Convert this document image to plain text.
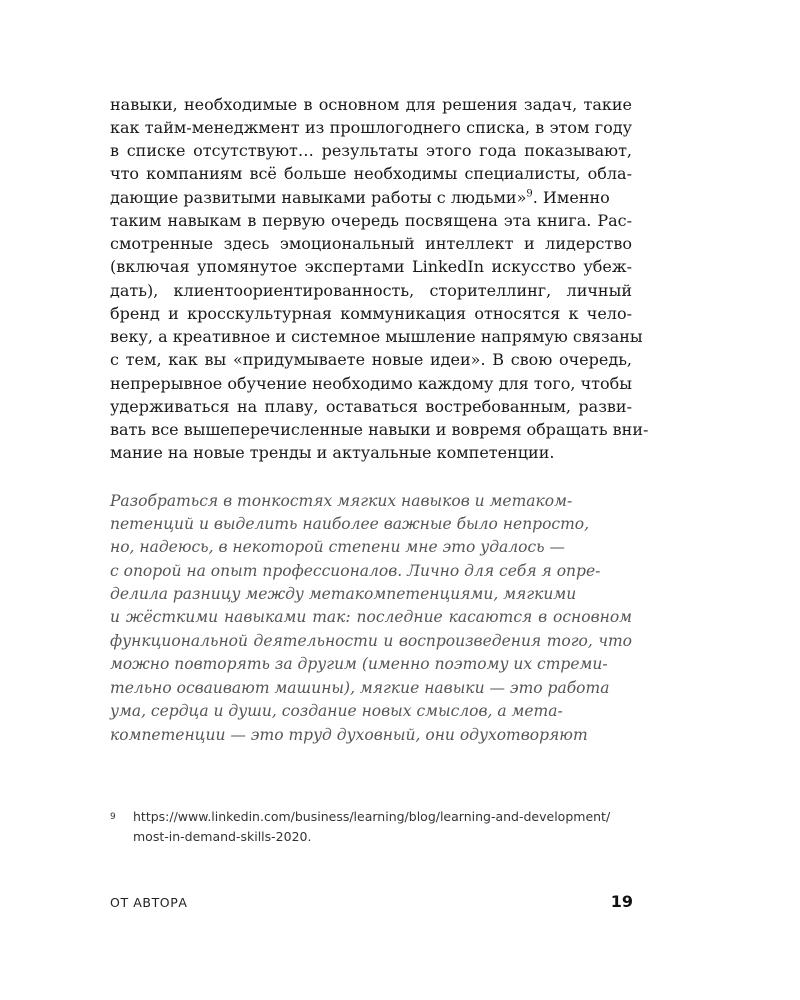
навыки, необходимые в основном для решения задач, такие
как тайм-менеджмент из прошлогоднего списка, в этом году
в списке отсутствуют… результаты этого года показывают,
что компаниям всё больше необходимы специалисты, обла-
дающие развитыми навыками работы с людьми»$^9$. Именно
таким навыкам в первую очередь посвящена эта книга. Рас-
смотренные здесь эмоциональный интеллект и лидерство
(включая упомянутое экспертами LinkedIn искусство убеж-
дать), клиентоориентированность, сторителлинг, личный
бренд и кросскультурная коммуникация относятся к чело-
веку, а креативное и системное мышление напрямую связаны
с тем, как вы «придумываете новые идеи». В свою очередь,
непрерывное обучение необходимо каждому для того, чтобы
удерживаться на плаву, оставаться востребованным, разви-
вать все вышеперечисленные навыки и вовремя обращать вни-
мание на новые тренды и актуальные компетенции.
Разобраться в тонкостях мягких навыков и метаком-
петенций и выделить наиболее важные было непросто,
но, надеюсь, в некоторой степени мне это удалось —
с опорой на опыт профессионалов. Лично для себя я опре-
делила разницу между метакомпетенциями, мягкими
и жёсткими навыками так: последние касаются в основном
функциональной деятельности и воспроизведения того, что
можно повторять за другим (именно поэтому их стреми-
тельно осваивают машины), мягкие навыки — это работа
ума, сердца и души, создание новых смыслов, а мета-
компетенции — это труд духовный, они одухотворяют
9 https://www.linkedin.com/business/learning/blog/learning-and-development/
most-in-demand-skills-2020.
ОТ АВТОРА	19
